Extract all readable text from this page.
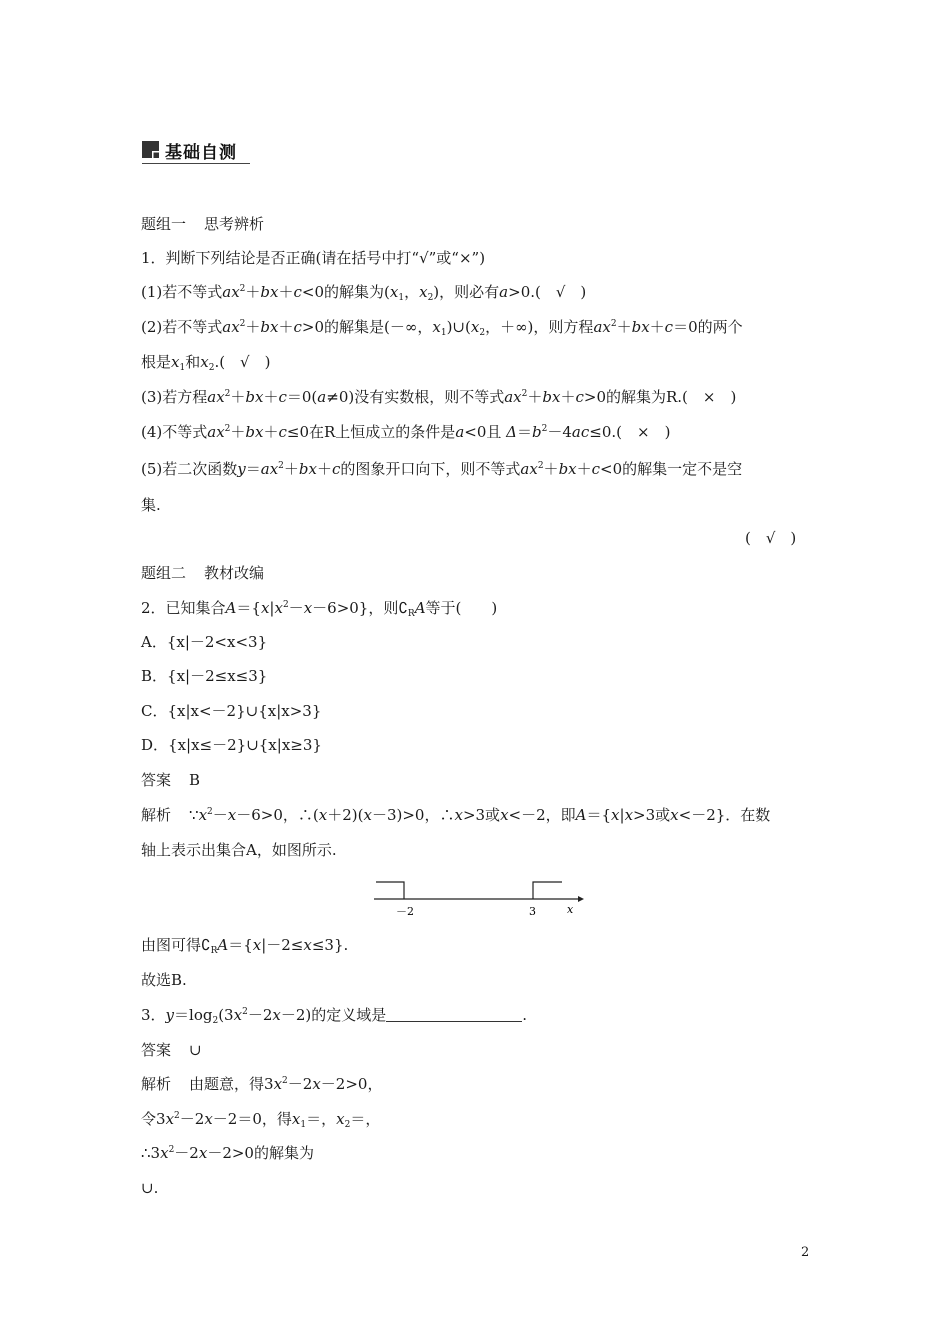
基础自测
题组一 思考辨析
1．判断下列结论是否正确(请在括号中打“√”或“×”)
(1)若不等式$ax^2+bx+c<0$的解集为($x_1$，$x_2$)，则必有a>0.(　√　)
(2)若不等式$ax^2+bx+c>0$的解集是(－∞，$x_1)\cup(x_2$，＋∞)，则方程$ax^2+bx+c=0$的两个
根是$x_1$和$x_2$.(　√　)
(3)若方程$ax^2+bx+c=0(a\ne 0)$没有实数根，则不等式$ax^2+bx+c>0$的解集为R.(　×　)
(4)不等式$ax^2+bx+c\le 0$在R上恒成立的条件是a<0且 $\Delta=b^2-4ac\le 0$.(　×　)
(5)若二次函数$y=ax^2+bx+c$的图象开口向下，则不等式$ax^2+bx+c<0$的解集一定不是空
集.
(　√　)
题组二 教材改编
2．已知集合$A=\{x|x^2-x-6>0\}$，则$∁_RA$等于(　　)
A．{x|－2<x<3}
B．{x|－2≤x≤3}
C．{x|x<－2}∪{x|x>3}
D．{x|x≤－2}∪{x|x≥3}
答案 B
解析 $\because x^2-x-6>0$，∴(x＋2)(x－3)>0，∴x>3或x<－2，即A＝{x|x>3或x<－2}．在数
轴上表示出集合A，如图所示.
－2	3	x
由图可得$∁_RA=\{x|-2\le x\le 3\}$.
故选B.
3．$y=\log_2(3x^2-2x-2)$的定义域是	.
答案 ∪
解析 由题意，得$3x^2-2x-2>0$，
令$3x^2-2x-2=0$，得$x_1=$，$x_2=$，
$\therefore 3x^2-2x-2>0$的解集为
∪.
2
